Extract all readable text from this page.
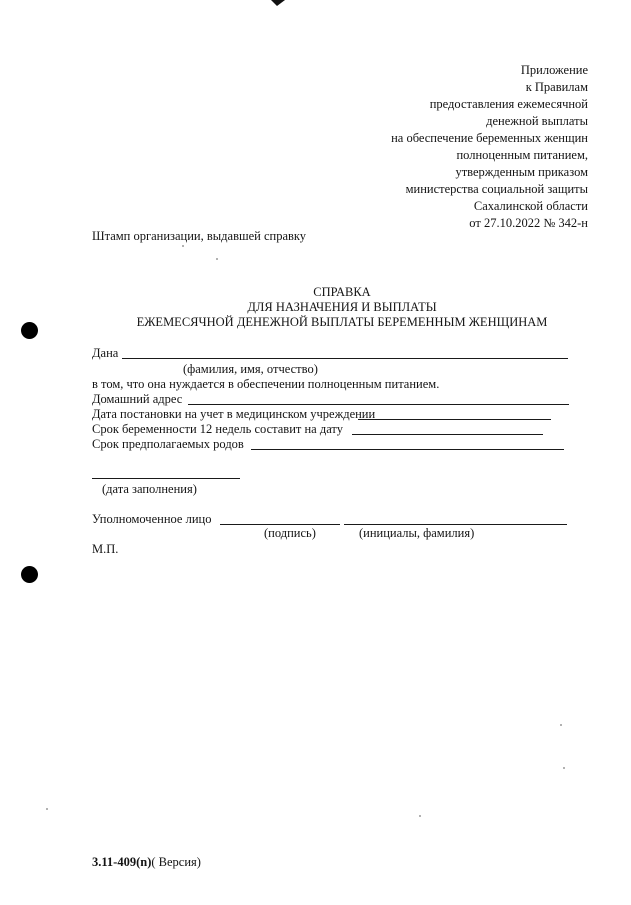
Приложение
к Правилам
предоставления ежемесячной
денежной выплаты
на обеспечение беременных женщин
полноценным питанием,
утвержденным приказом
министерства социальной защиты
Сахалинской области
от 27.10.2022 № 342-н
Штамп организации, выдавшей справку
СПРАВКА
ДЛЯ НАЗНАЧЕНИЯ И ВЫПЛАТЫ
ЕЖЕМЕСЯЧНОЙ ДЕНЕЖНОЙ ВЫПЛАТЫ БЕРЕМЕННЫМ ЖЕНЩИНАМ
Дана
(фамилия, имя, отчество)
в том, что она нуждается в обеспечении полноценным питанием.
Домашний адрес
Дата постановки на учет в медицинском учреждении
Срок беременности 12 недель составит на дату
Срок предполагаемых родов
(дата заполнения)
Уполномоченное лицо
(подпись)	(инициалы, фамилия)
М.П.
3.11-409(n)( Версия)
